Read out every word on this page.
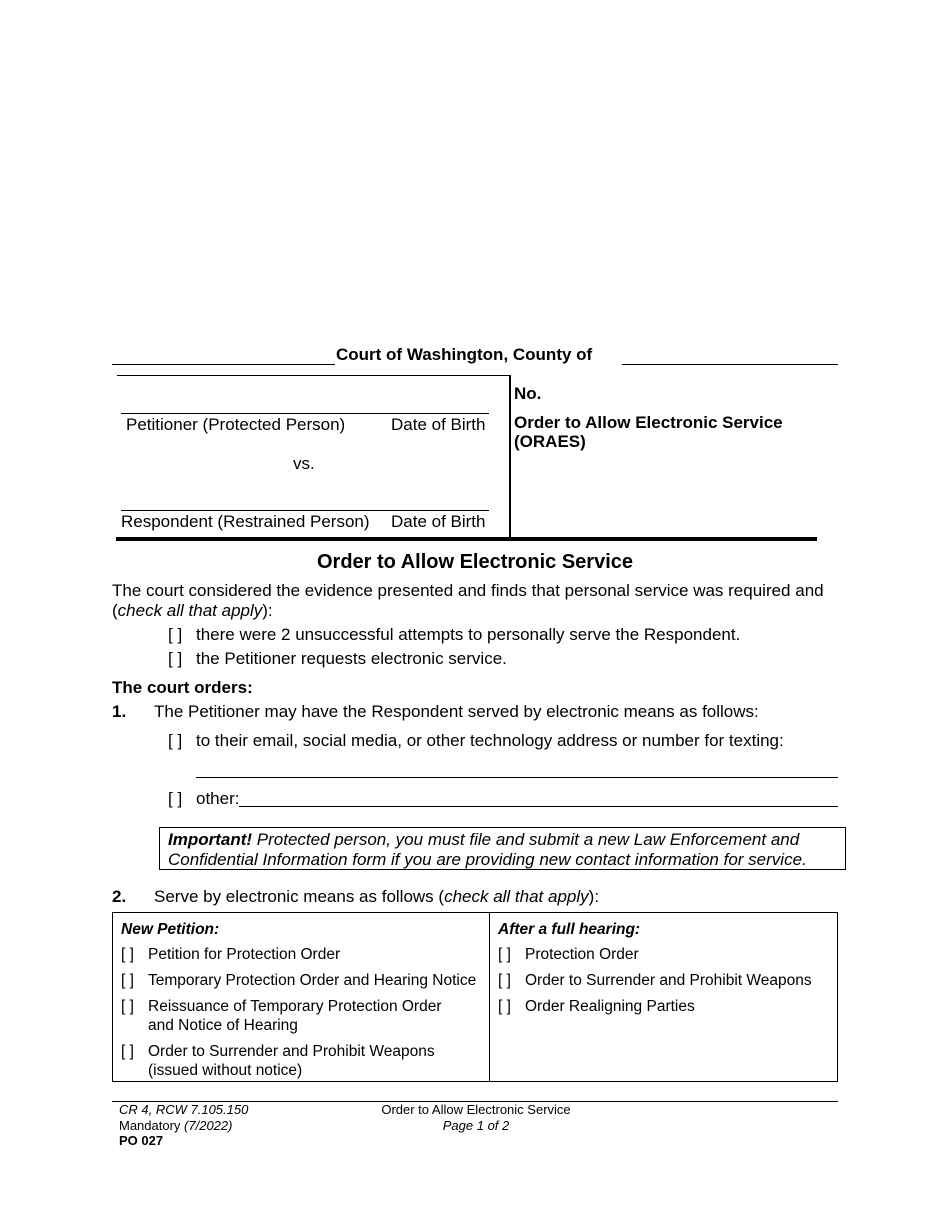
Court of Washington, County of
Petitioner (Protected Person)	Date of Birth
vs.
Respondent (Restrained Person) Date of Birth
No.
Order to Allow Electronic Service
(ORAES)
Order to Allow Electronic Service
The court considered the evidence presented and finds that personal service was required and
(check all that apply):
[ ] there were 2 unsuccessful attempts to personally serve the Respondent.
[ ] the Petitioner requests electronic service.
The court orders:
1. The Petitioner may have the Respondent served by electronic means as follows:
[ ] to their email, social media, or other technology address or number for texting:
[ ] other:
Important! Protected person, you must file and submit a new Law Enforcement and Confidential Information form if you are providing new contact information for service.
2. Serve by electronic means as follows (check all that apply):
New Petition:
[ ] Petition for Protection Order
[ ] Temporary Protection Order and Hearing Notice
[ ] Reissuance of Temporary Protection Order and Notice of Hearing
[ ] Order to Surrender and Prohibit Weapons (issued without notice)
After a full hearing:
[ ] Protection Order
[ ] Order to Surrender and Prohibit Weapons
[ ] Order Realigning Parties
CR 4, RCW 7.105.150
Mandatory (7/2022)
PO 027
Order to Allow Electronic Service
Page 1 of 2
